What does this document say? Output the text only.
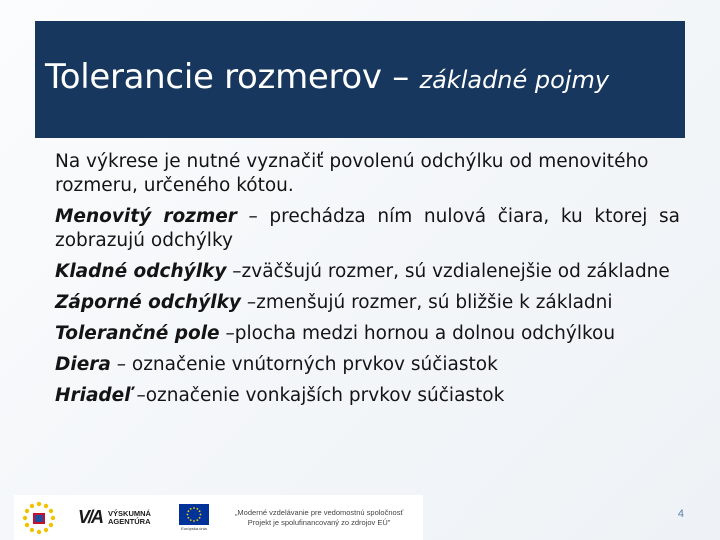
Tolerancie rozmerov – základné pojmy

Na výkrese je nutné vyznačiť povolenú odchýlku od menovitého rozmeru, určeného kótou.

Menovitý rozmer – prechádza ním nulová čiara, ku ktorej sa zobrazujú odchýlky

Kladné odchýlky –zväčšujú rozmer, sú vzdialenejšie od základne

Záporné odchýlky –zmenšujú rozmer, sú bližšie k základni

Tolerančné pole –plocha medzi hornou a dolnou odchýlkou

Diera – označenie vnútorných prvkov súčiastok

Hriadeľ –označenie vonkajších prvkov súčiastok

V/A VÝSKUMNÁ
AGENTÚRA
Európska únia
„Moderné vzdelávanie pre vedomostnú spoločnosť
Projekt je spolufinancovaný zo zdrojov EÚ"
4
